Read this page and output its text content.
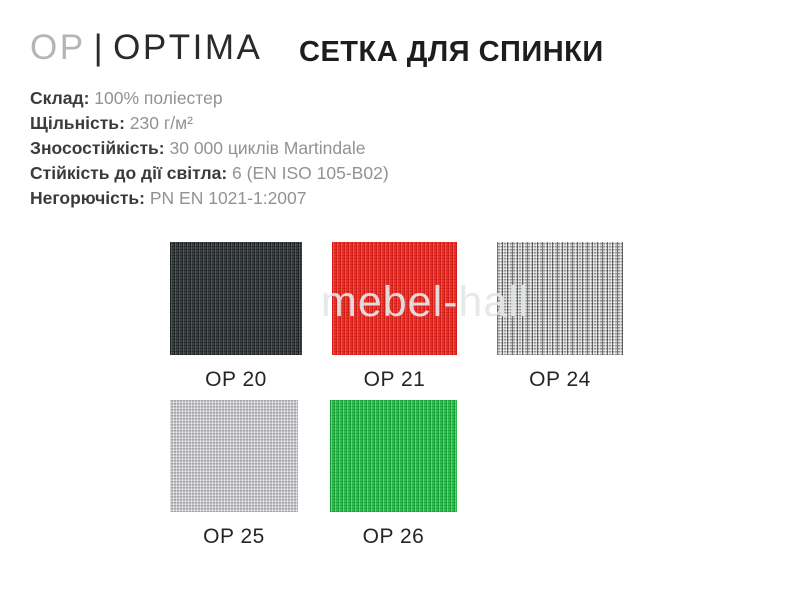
OP | OPTIMA СЕТКА ДЛЯ СПИНКИ
Склад: 100% поліестер
Щільність: 230 г/м²
Зносостійкість: 30 000 циклів Martindale
Стійкість до дії світла: 6 (EN ISO 105-B02)
Негорючість: PN EN 1021-1:2007
OP 20	OP 21	OP 24
OP 25	OP 26
mebel-hall
